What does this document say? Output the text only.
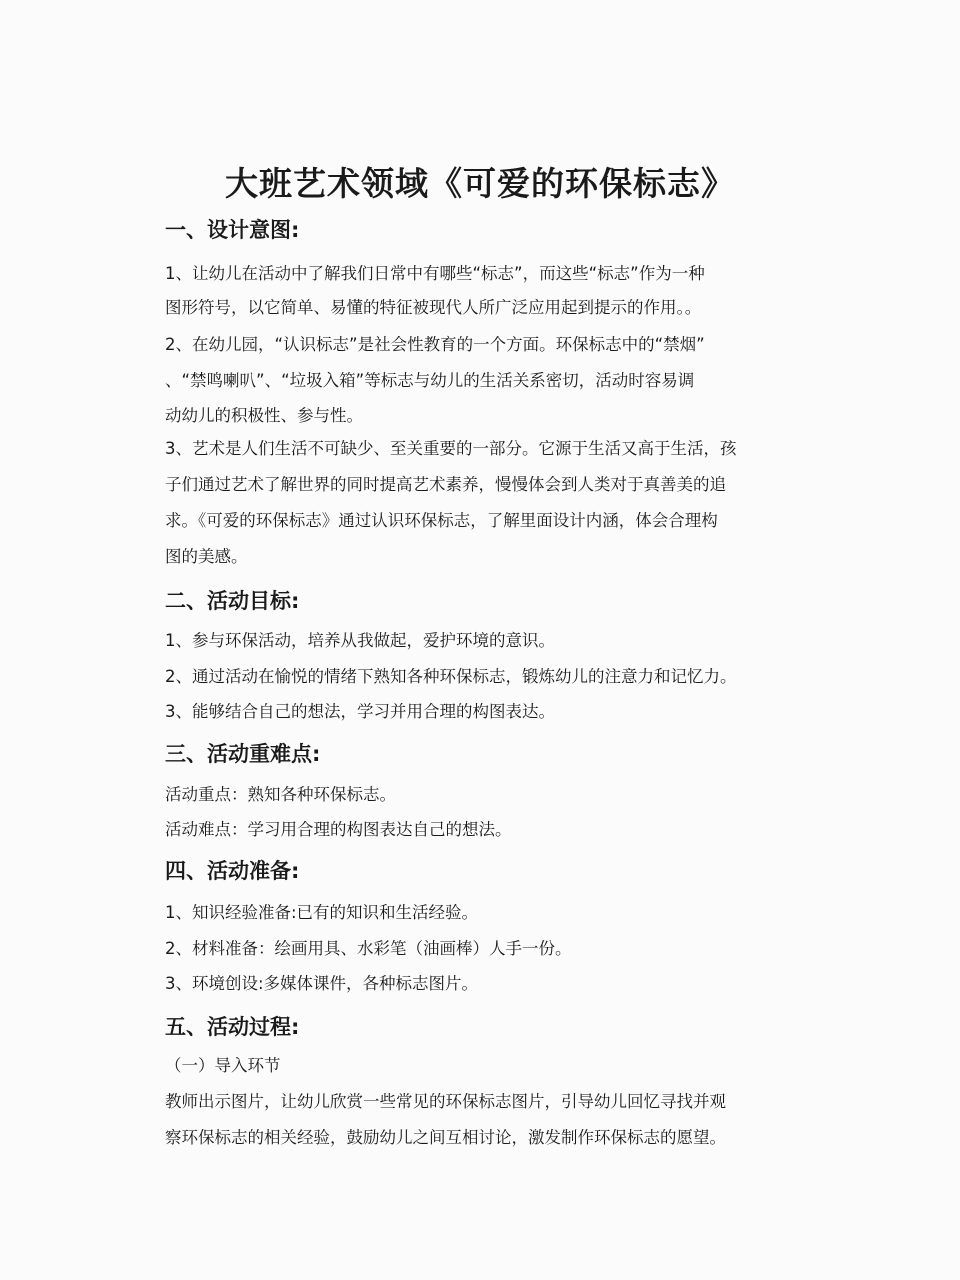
大班艺术领域《可爱的环保标志》
一、设计意图:
1、让幼儿在活动中了解我们日常中有哪些“标志”，而这些“标志”作为一种
图形符号，以它简单、易懂的特征被现代人所广泛应用起到提示的作用。。
2、在幼儿园，“认识标志”是社会性教育的一个方面。环保标志中的“禁烟”
、“禁鸣喇叭”、“垃圾入箱”等标志与幼儿的生活关系密切，活动时容易调
动幼儿的积极性、参与性。
3、艺术是人们生活不可缺少、至关重要的一部分。它源于生活又高于生活，孩
子们通过艺术了解世界的同时提高艺术素养，慢慢体会到人类对于真善美的追
求。《可爱的环保标志》通过认识环保标志，了解里面设计内涵，体会合理构
图的美感。
二、活动目标:
1、参与环保活动，培养从我做起，爱护环境的意识。
2、通过活动在愉悦的情绪下熟知各种环保标志，锻炼幼儿的注意力和记忆力。
3、能够结合自己的想法，学习并用合理的构图表达。
三、活动重难点:
活动重点：熟知各种环保标志。
活动难点：学习用合理的构图表达自己的想法。
四、活动准备:
1、知识经验准备:已有的知识和生活经验。
2、材料准备：绘画用具、水彩笔（油画棒）人手一份。
3、环境创设:多媒体课件，各种标志图片。
五、活动过程:
（一）导入环节
教师出示图片，让幼儿欣赏一些常见的环保标志图片，引导幼儿回忆寻找并观
察环保标志的相关经验，鼓励幼儿之间互相讨论，激发制作环保标志的愿望。
